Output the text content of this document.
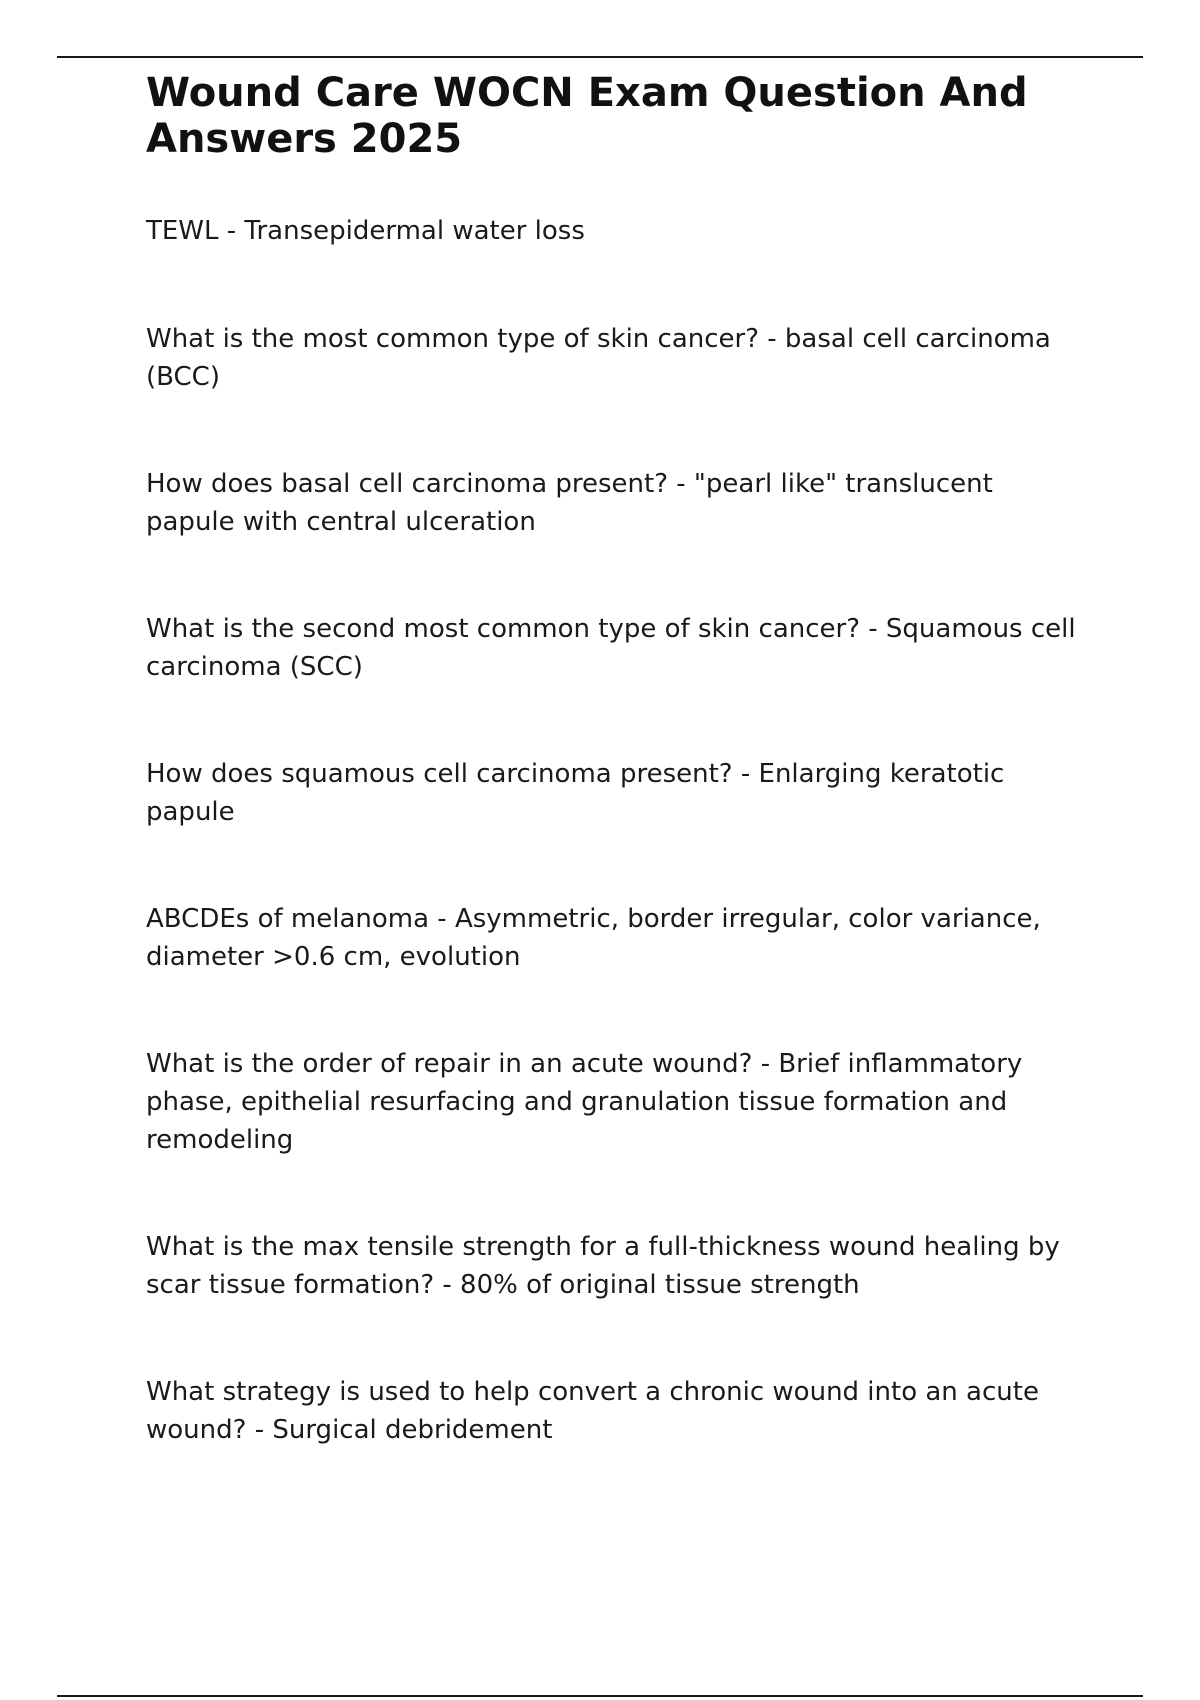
Wound Care WOCN Exam Question And Answers 2025

TEWL - Transepidermal water loss

What is the most common type of skin cancer? - basal cell carcinoma (BCC)

How does basal cell carcinoma present? - "pearl like" translucent papule with central ulceration

What is the second most common type of skin cancer? - Squamous cell carcinoma (SCC)

How does squamous cell carcinoma present? - Enlarging keratotic papule

ABCDEs of melanoma - Asymmetric, border irregular, color variance, diameter >0.6 cm, evolution

What is the order of repair in an acute wound? - Brief inflammatory phase, epithelial resurfacing and granulation tissue formation and remodeling

What is the max tensile strength for a full-thickness wound healing by scar tissue formation? - 80% of original tissue strength

What strategy is used to help convert a chronic wound into an acute wound? - Surgical debridement
